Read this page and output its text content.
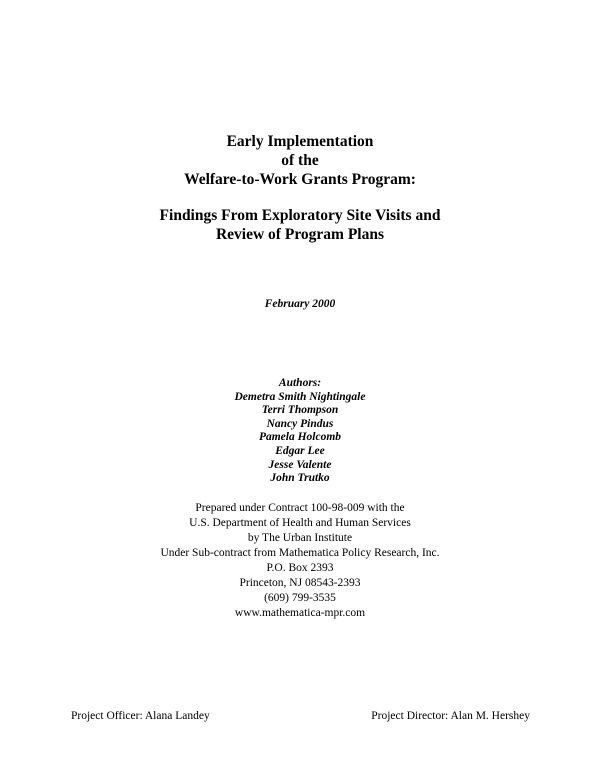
Early Implementation
of the
Welfare-to-Work Grants Program:
Findings From Exploratory Site Visits and
Review of Program Plans
February 2000
Authors:
Demetra Smith Nightingale
Terri Thompson
Nancy Pindus
Pamela Holcomb
Edgar Lee
Jesse Valente
John Trutko
Prepared under Contract 100-98-009 with the
U.S. Department of Health and Human Services
by The Urban Institute
Under Sub-contract from Mathematica Policy Research, Inc.
P.O. Box 2393
Princeton, NJ 08543-2393
(609) 799-3535
www.mathematica-mpr.com
Project Officer: Alana Landey	Project Director: Alan M. Hershey
